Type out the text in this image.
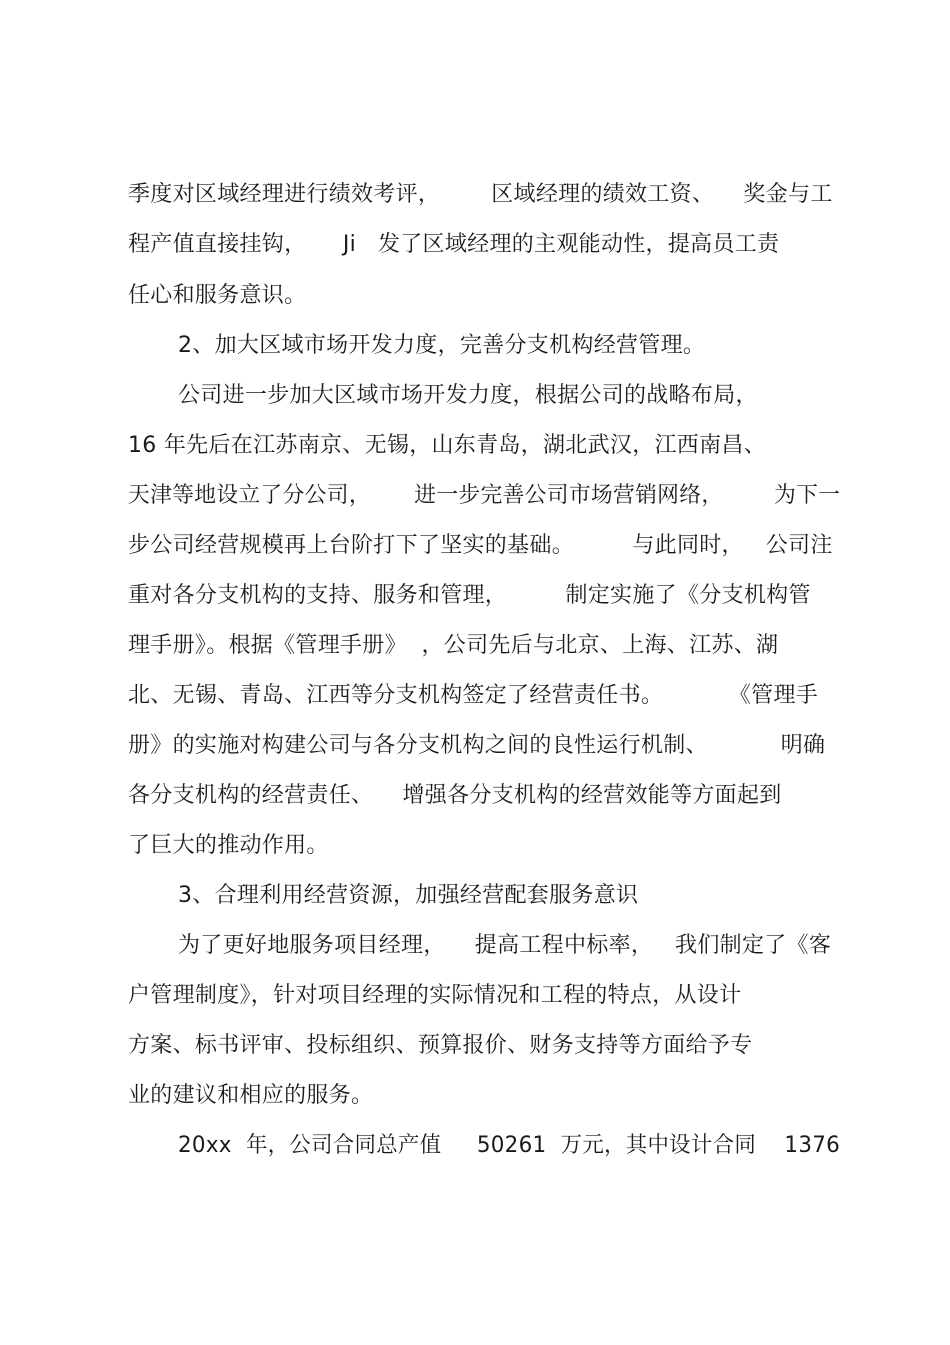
季度对区域经理进行绩效考评，       区域经理的绩效工资、    奖金与工
程产值直接挂钩，     Ji   发了区域经理的主观能动性，提高员工责
任心和服务意识。
2、加大区域市场开发力度，完善分支机构经营管理。
公司进一步加大区域市场开发力度，根据公司的战略布局，
16 年先后在江苏南京、无锡，山东青岛，湖北武汉，江西南昌、
天津等地设立了分公司，      进一步完善公司市场营销网络，       为下一
步公司经营规模再上台阶打下了坚实的基础。        与此同时，   公司注
重对各分支机构的支持、服务和管理，        制定实施了《分支机构管
理手册》。根据《管理手册》  ，公司先后与北京、上海、江苏、湖
北、无锡、青岛、江西等分支机构签定了经营责任书。         《管理手
册》的实施对构建公司与各分支机构之间的良性运行机制、          明确
各分支机构的经营责任、    增强各分支机构的经营效能等方面起到
了巨大的推动作用。
3、合理利用经营资源，加强经营配套服务意识
为了更好地服务项目经理，    提高工程中标率，   我们制定了《客
户管理制度》，针对项目经理的实际情况和工程的特点，从设计
方案、标书评审、投标组织、预算报价、财务支持等方面给予专
业的建议和相应的服务。
20xx  年，公司合同总产值     50261  万元，其中设计合同    1376
